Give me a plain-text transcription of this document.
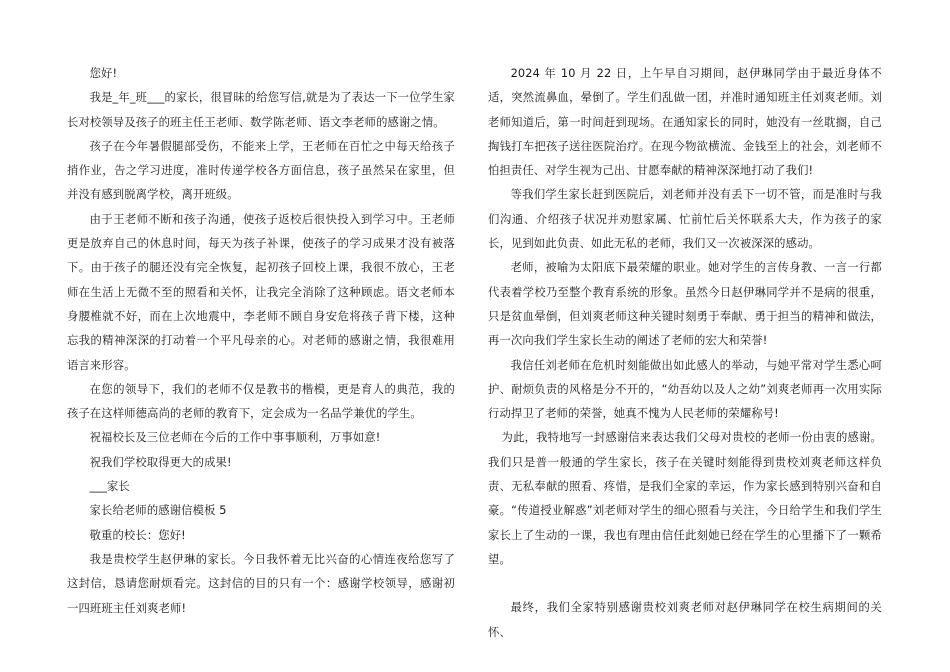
您好!

我是_年_班___的家长，很冒昧的给您写信,就是为了表达一下一位学生家长对校领导及孩子的班主任王老师、数学陈老师、语文李老师的感谢之情。

孩子在今年暑假腿部受伤，不能来上学，王老师在百忙之中每天给孩子捎作业，告之学习进度，准时传递学校各方面信息，孩子虽然呆在家里，但并没有感到脱离学校，离开班级。

由于王老师不断和孩子沟通，使孩子返校后很快投入到学习中。王老师更是放弃自己的休息时间，每天为孩子补课，使孩子的学习成果才没有被落下。由于孩子的腿还没有完全恢复，起初孩子回校上课，我很不放心，王老师在生活上无微不至的照看和关怀，让我完全消除了这种顾虑。语文老师本身腰椎就不好，而在上次地震中，李老师不顾自身安危将孩子背下楼，这种忘我的精神深深的打动着一个平凡母亲的心。对老师的感谢之情，我很难用语言来形容。

在您的领导下，我们的老师不仅是教书的楷模，更是育人的典范，我的孩子在这样师德高尚的老师的教育下，定会成为一名品学兼优的学生。

祝福校长及三位老师在今后的工作中事事顺利，万事如意!

祝我们学校取得更大的成果!

___家长

家长给老师的感谢信模板 5

敬重的校长：您好!

我是贵校学生赵伊琳的家长。今日我怀着无比兴奋的心情连夜给您写了这封信，恳请您耐烦看完。这封信的目的只有一个：感谢学校领导，感谢初一四班班主任刘爽老师!

2024 年 10 月 22 日，上午早自习期间，赵伊琳同学由于最近身体不适，突然流鼻血，晕倒了。学生们乱做一团，并准时通知班主任刘爽老师。刘老师知道后，第一时间赶到现场。在通知家长的同时，她没有一丝耽搁，自己掏钱打车把孩子送往医院治疗。在现今物欲横流、金钱至上的社会，刘老师不怕担责任、对学生视为己出、甘愿奉献的精神深深地打动了我们!

等我们学生家长赶到医院后，刘老师并没有丢下一切不管，而是准时与我们沟通、介绍孩子状况并劝慰家属、忙前忙后关怀联系大夫，作为孩子的家长，见到如此负责、如此无私的老师，我们又一次被深深的感动。

老师，被喻为太阳底下最荣耀的职业。她对学生的言传身教、一言一行都代表着学校乃至整个教育系统的形象。虽然今日赵伊琳同学并不是病的很重，只是贫血晕倒，但刘爽老师这种关键时刻勇于奉献、勇于担当的精神和做法，再一次向我们学生家长生动的阐述了老师的宏大和荣誉!

我信任刘老师在危机时刻能做出如此感人的举动，与她平常对学生悉心呵护、耐烦负责的风格是分不开的，“幼吾幼以及人之幼”刘爽老师再一次用实际行动捍卫了老师的荣誉，她真不愧为人民老师的荣耀称号!

为此，我特地写一封感谢信来表达我们父母对贵校的老师一份由衷的感谢。我们只是普一般通的学生家长，孩子在关键时刻能得到贵校刘爽老师这样负责、无私奉献的照看、疼惜，是我们全家的幸运，作为家长感到特别兴奋和自豪。“传道授业解惑”刘老师对学生的细心照看与关注，今日给学生和我们学生家长上了生动的一课，我也有理由信任此刻她已经在学生的心里播下了一颗希望。

最终，我们全家特别感谢贵校刘爽老师对赵伊琳同学在校生病期间的关怀、
